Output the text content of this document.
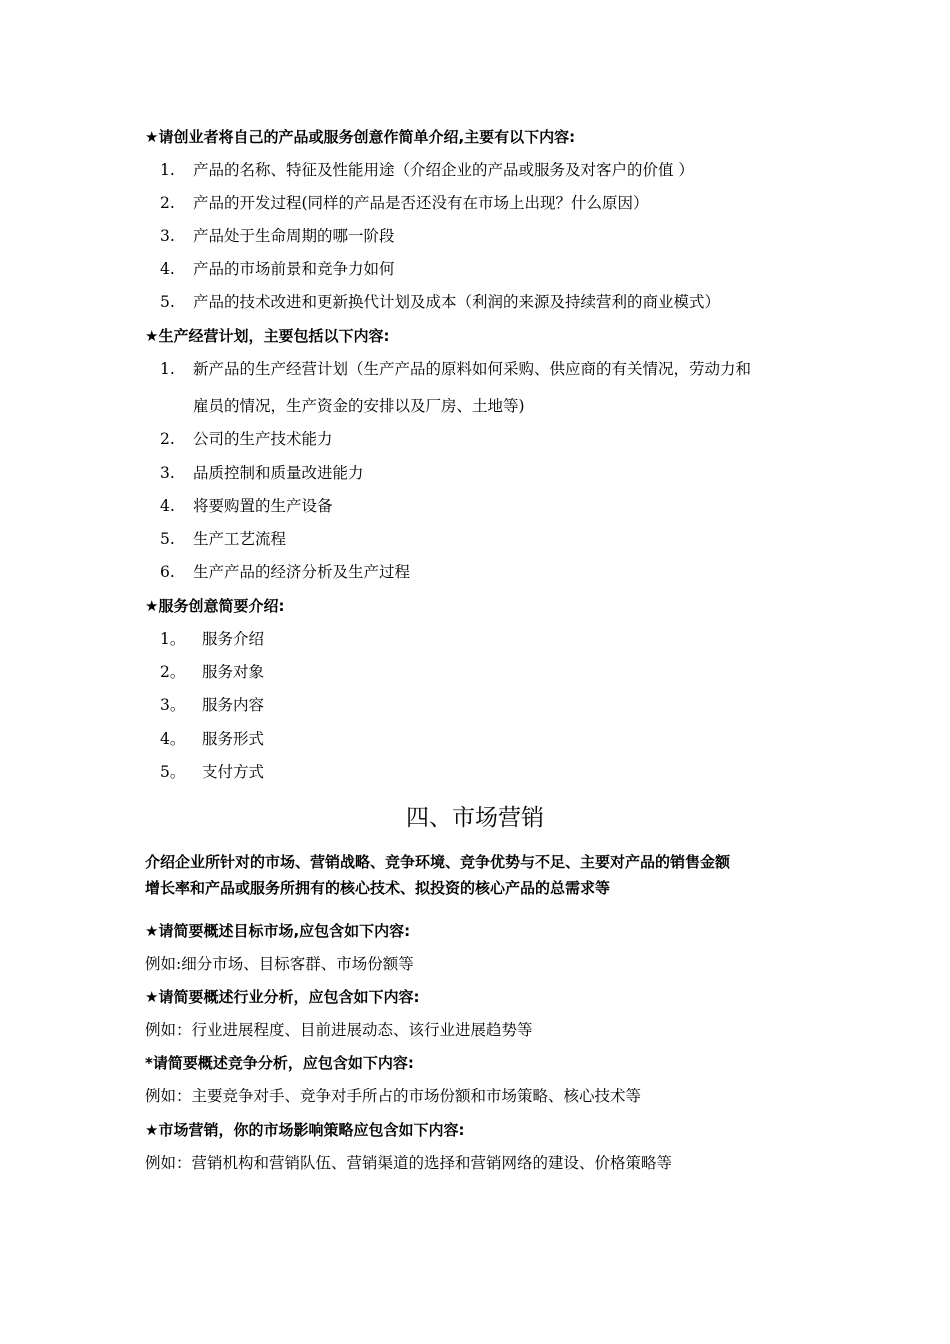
★请创业者将自己的产品或服务创意作简单介绍,主要有以下内容:
1. 产品的名称、特征及性能用途（介绍企业的产品或服务及对客户的价值 ）
2. 产品的开发过程(同样的产品是否还没有在市场上出现？什么原因）
3. 产品处于生命周期的哪一阶段
4. 产品的市场前景和竞争力如何
5. 产品的技术改进和更新换代计划及成本（利润的来源及持续营利的商业模式）
★生产经营计划，主要包括以下内容:
1. 新产品的生产经营计划（生产产品的原料如何采购、供应商的有关情况，劳动力和
雇员的情况，生产资金的安排以及厂房、土地等)
2. 公司的生产技术能力
3. 品质控制和质量改进能力
4. 将要购置的生产设备
5. 生产工艺流程
6. 生产产品的经济分析及生产过程
★服务创意简要介绍:
1。 服务介绍
2。 服务对象
3。 服务内容
4。 服务形式
5。 支付方式
四、市场营销
介绍企业所针对的市场、营销战略、竞争环境、竞争优势与不足、主要对产品的销售金额
增长率和产品或服务所拥有的核心技术、拟投资的核心产品的总需求等
★请简要概述目标市场,应包含如下内容:
例如:细分市场、目标客群、市场份额等
★请简要概述行业分析，应包含如下内容:
例如：行业进展程度、目前进展动态、该行业进展趋势等
*请简要概述竞争分析，应包含如下内容:
例如：主要竞争对手、竞争对手所占的市场份额和市场策略、核心技术等
★市场营销，你的市场影响策略应包含如下内容:
例如：营销机构和营销队伍、营销渠道的选择和营销网络的建设、价格策略等
